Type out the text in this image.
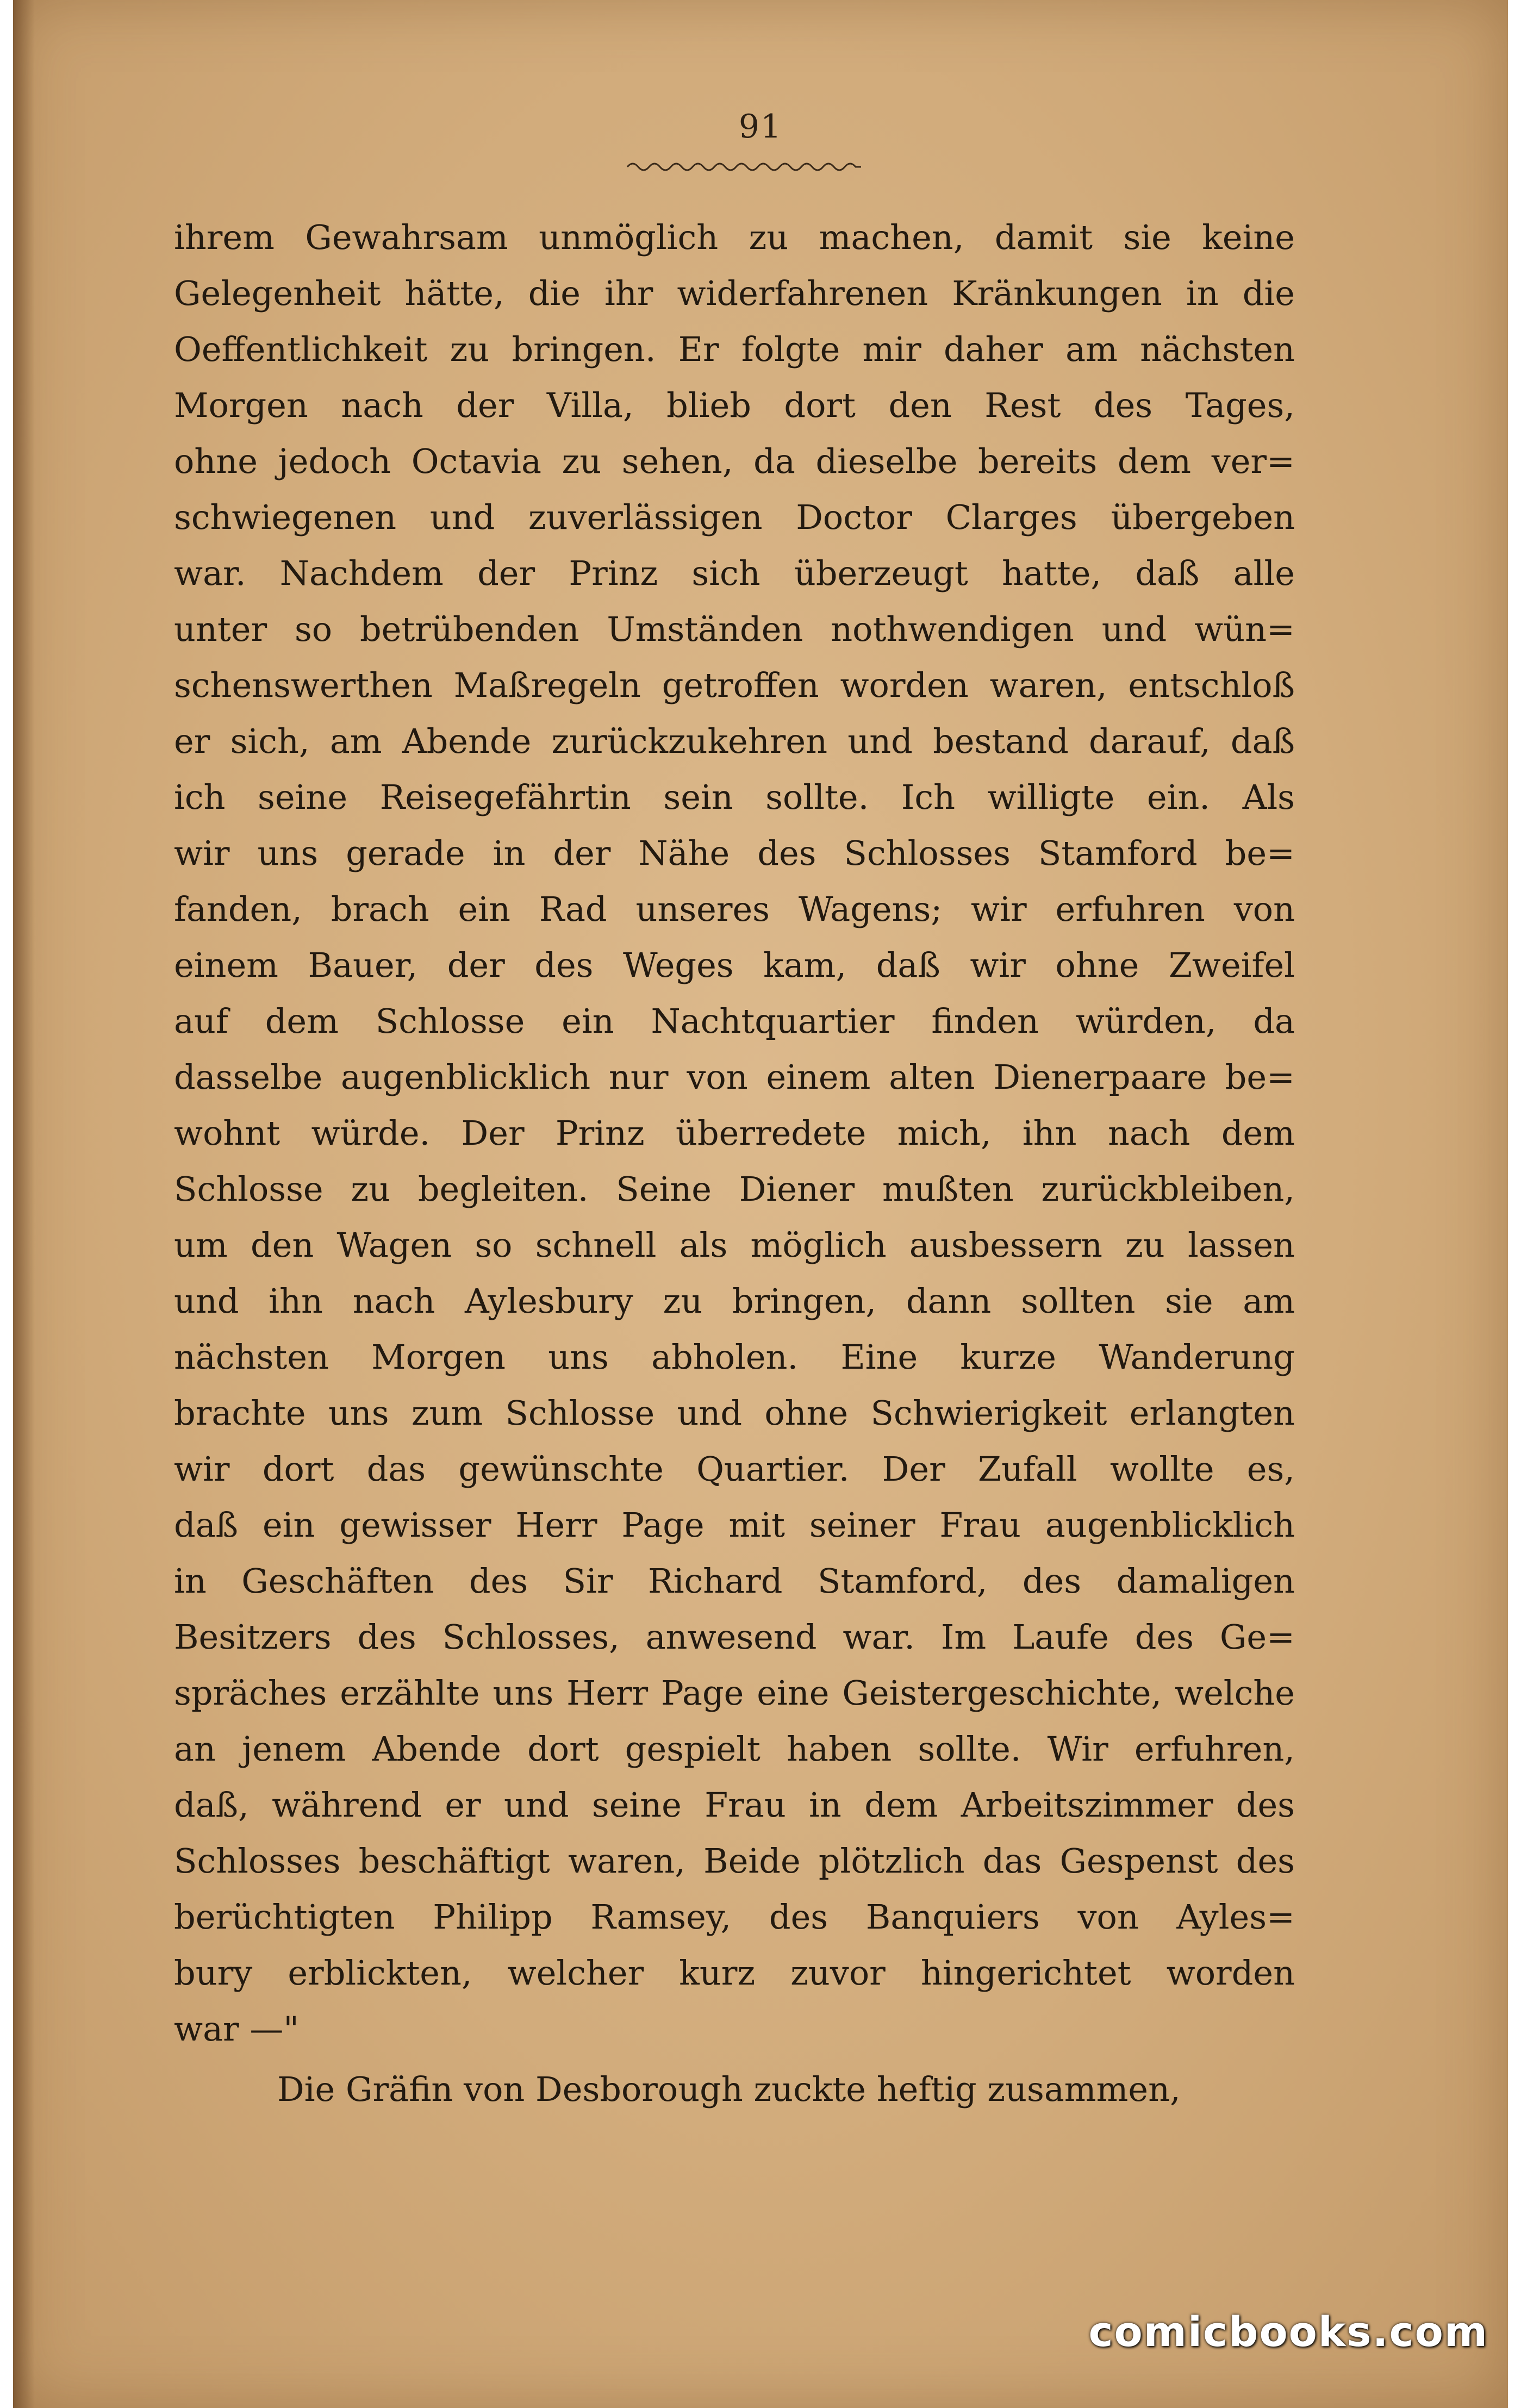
91
ihrem Gewahrsam unmöglich zu machen, damit sie keine
Gelegenheit hätte, die ihr widerfahrenen Kränkungen in die
Oeffentlichkeit zu bringen. Er folgte mir daher am nächsten
Morgen nach der Villa, blieb dort den Rest des Tages,
ohne jedoch Octavia zu sehen, da dieselbe bereits dem ver=
schwiegenen und zuverlässigen Doctor Clarges übergeben
war. Nachdem der Prinz sich überzeugt hatte, daß alle
unter so betrübenden Umständen nothwendigen und wün=
schenswerthen Maßregeln getroffen worden waren, entschloß
er sich, am Abende zurückzukehren und bestand darauf, daß
ich seine Reisegefährtin sein sollte. Ich willigte ein. Als
wir uns gerade in der Nähe des Schlosses Stamford be=
fanden, brach ein Rad unseres Wagens; wir erfuhren von
einem Bauer, der des Weges kam, daß wir ohne Zweifel
auf dem Schlosse ein Nachtquartier finden würden, da
dasselbe augenblicklich nur von einem alten Dienerpaare be=
wohnt würde. Der Prinz überredete mich, ihn nach dem
Schlosse zu begleiten. Seine Diener mußten zurückbleiben,
um den Wagen so schnell als möglich ausbessern zu lassen
und ihn nach Aylesbury zu bringen, dann sollten sie am
nächsten Morgen uns abholen. Eine kurze Wanderung
brachte uns zum Schlosse und ohne Schwierigkeit erlangten
wir dort das gewünschte Quartier. Der Zufall wollte es,
daß ein gewisser Herr Page mit seiner Frau augenblicklich
in Geschäften des Sir Richard Stamford, des damaligen
Besitzers des Schlosses, anwesend war. Im Laufe des Ge=
spräches erzählte uns Herr Page eine Geistergeschichte, welche
an jenem Abende dort gespielt haben sollte. Wir erfuhren,
daß, während er und seine Frau in dem Arbeitszimmer des
Schlosses beschäftigt waren, Beide plötzlich das Gespenst des
berüchtigten Philipp Ramsey, des Banquiers von Ayles=
bury erblickten, welcher kurz zuvor hingerichtet worden
war —"
Die Gräfin von Desborough zuckte heftig zusammen,
comicbooks.com
